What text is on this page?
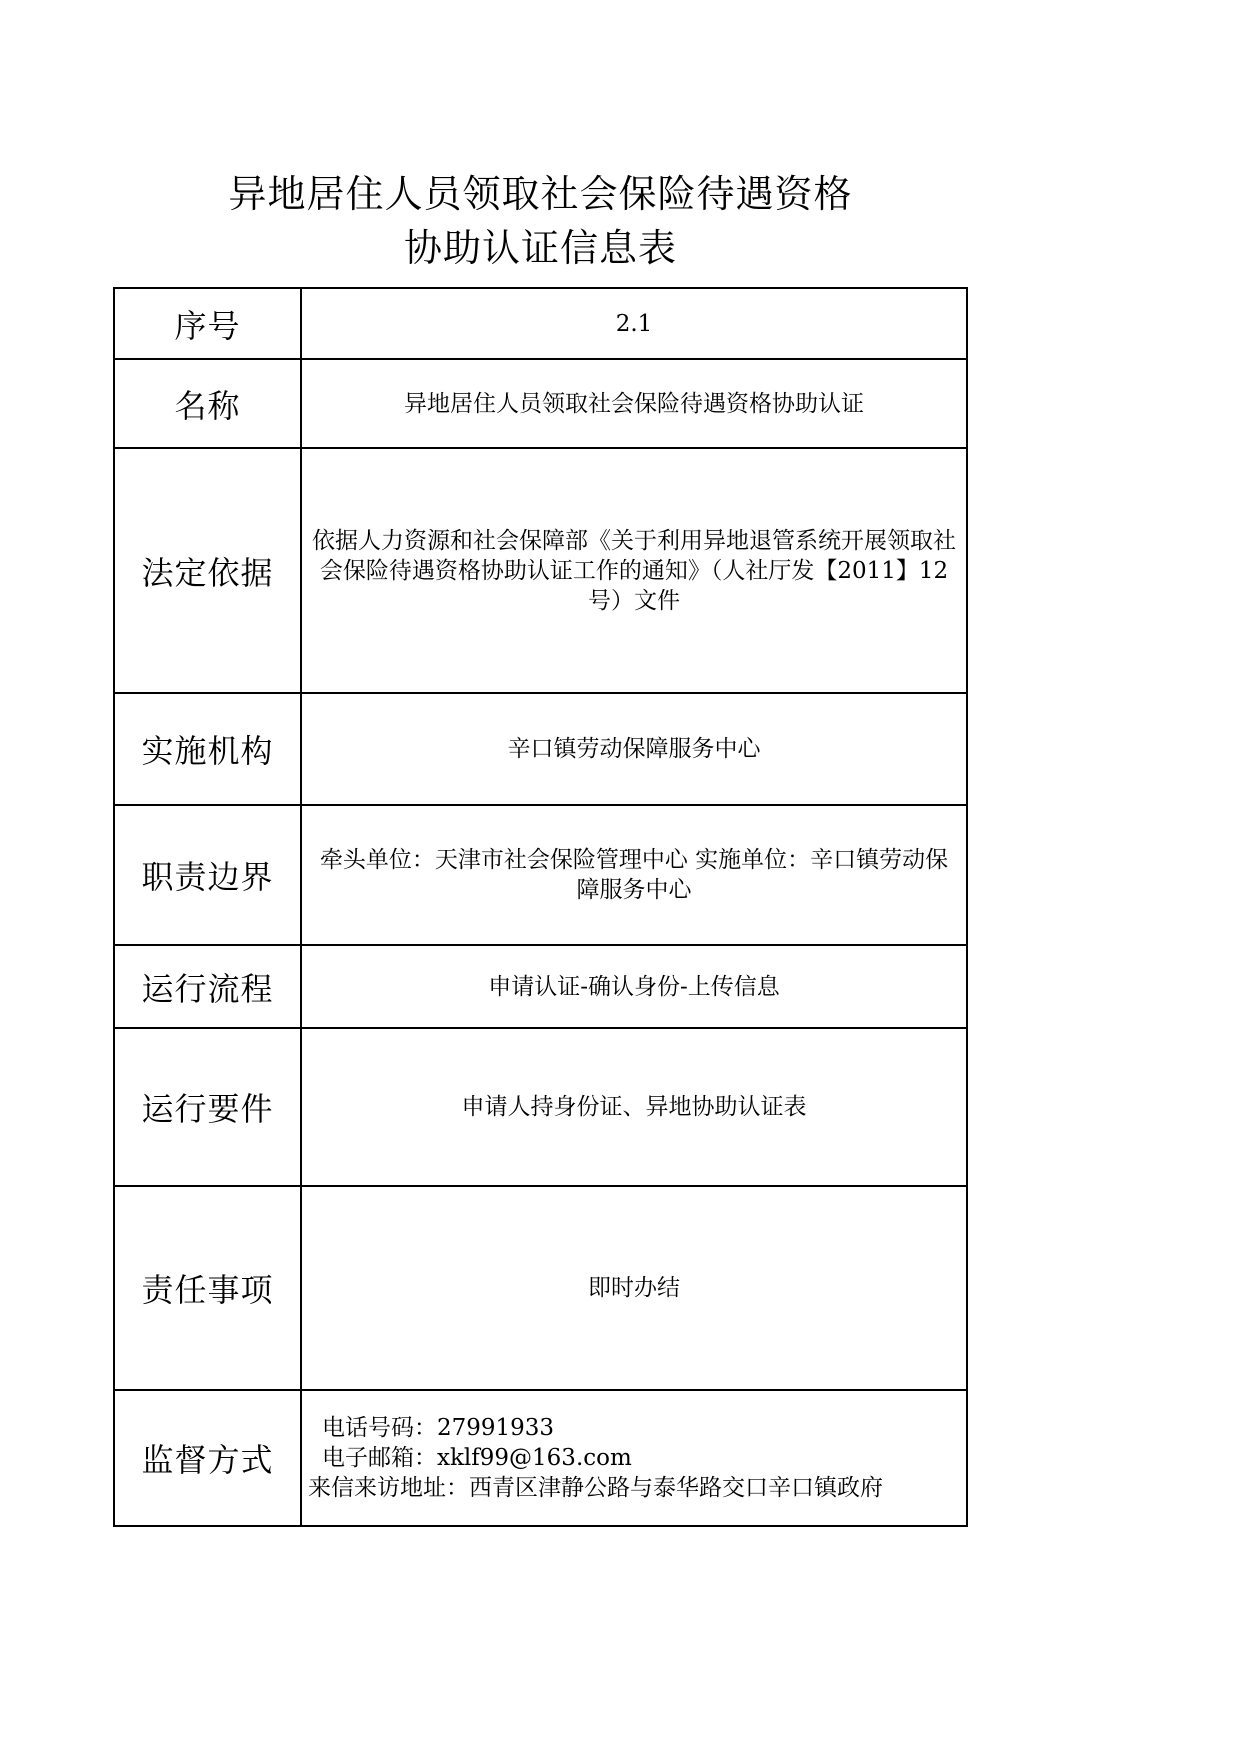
异地居住人员领取社会保险待遇资格
协助认证信息表
序号	2.1
名称	异地居住人员领取社会保险待遇资格协助认证
法定依据	依据人力资源和社会保障部《关于利用异地退管系统开展领取社会保险待遇资格协助认证工作的通知》（人社厅发【2011】12号）文件
实施机构	辛口镇劳动保障服务中心
职责边界	牵头单位：天津市社会保险管理中心 实施单位：辛口镇劳动保障服务中心
运行流程	申请认证-确认身份-上传信息
运行要件	申请人持身份证、异地协助认证表
责任事项	即时办结
监督方式	电话号码：27991933
电子邮箱：xklf99@163.com
来信来访地址：西青区津静公路与泰华路交口辛口镇政府
